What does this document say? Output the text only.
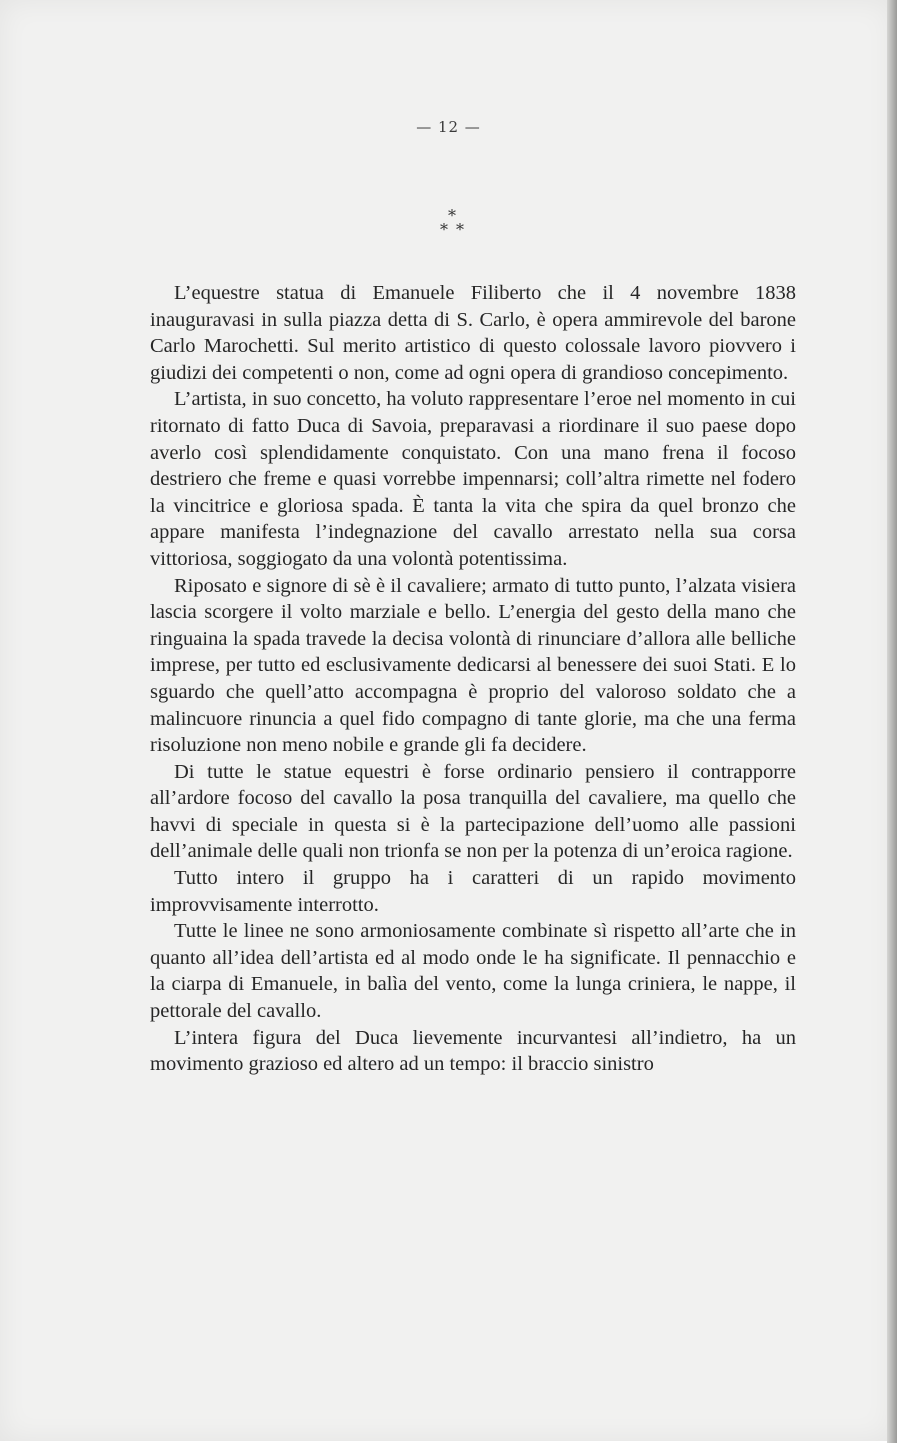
— 12 —
*
* *

L’equestre statua di Emanuele Filiberto che il 4 novembre 1838 inauguravasi in sulla piazza detta di S. Carlo, è opera ammirevole del barone Carlo Marochetti. Sul merito artistico di questo colossale lavoro piovvero i giudizi dei competenti o non, come ad ogni opera di grandioso concepimento.

L’artista, in suo concetto, ha voluto rappresentare l’eroe nel momento in cui ritornato di fatto Duca di Savoia, preparavasi a riordinare il suo paese dopo averlo così splendidamente conquistato. Con una mano frena il focoso destriero che freme e quasi vorrebbe impennarsi; coll’altra rimette nel fodero la vincitrice e gloriosa spada. È tanta la vita che spira da quel bronzo che appare manifesta l’indegnazione del cavallo arrestato nella sua corsa vittoriosa, soggiogato da una volontà potentissima.

Riposato e signore di sè è il cavaliere; armato di tutto punto, l’alzata visiera lascia scorgere il volto marziale e bello. L’energia del gesto della mano che ringuaina la spada travede la decisa volontà di rinunciare d’allora alle belliche imprese, per tutto ed esclusivamente dedicarsi al benessere dei suoi Stati. E lo sguardo che quell’atto accompagna è proprio del valoroso soldato che a malincuore rinuncia a quel fido compagno di tante glorie, ma che una ferma risoluzione non meno nobile e grande gli fa decidere.

Di tutte le statue equestri è forse ordinario pensiero il contrapporre all’ardore focoso del cavallo la posa tranquilla del cavaliere, ma quello che havvi di speciale in questa si è la partecipazione dell’uomo alle passioni dell’animale delle quali non trionfa se non per la potenza di un’eroica ragione.

Tutto intero il gruppo ha i caratteri di un rapido movimento improvvisamente interrotto.

Tutte le linee ne sono armoniosamente combinate sì rispetto all’arte che in quanto all’idea dell’artista ed al modo onde le ha significate. Il pennacchio e la ciarpa di Emanuele, in balìa del vento, come la lunga criniera, le nappe, il pettorale del cavallo.

L’intera figura del Duca lievemente incurvantesi all’indietro, ha un movimento grazioso ed altero ad un tempo: il braccio sinistro
